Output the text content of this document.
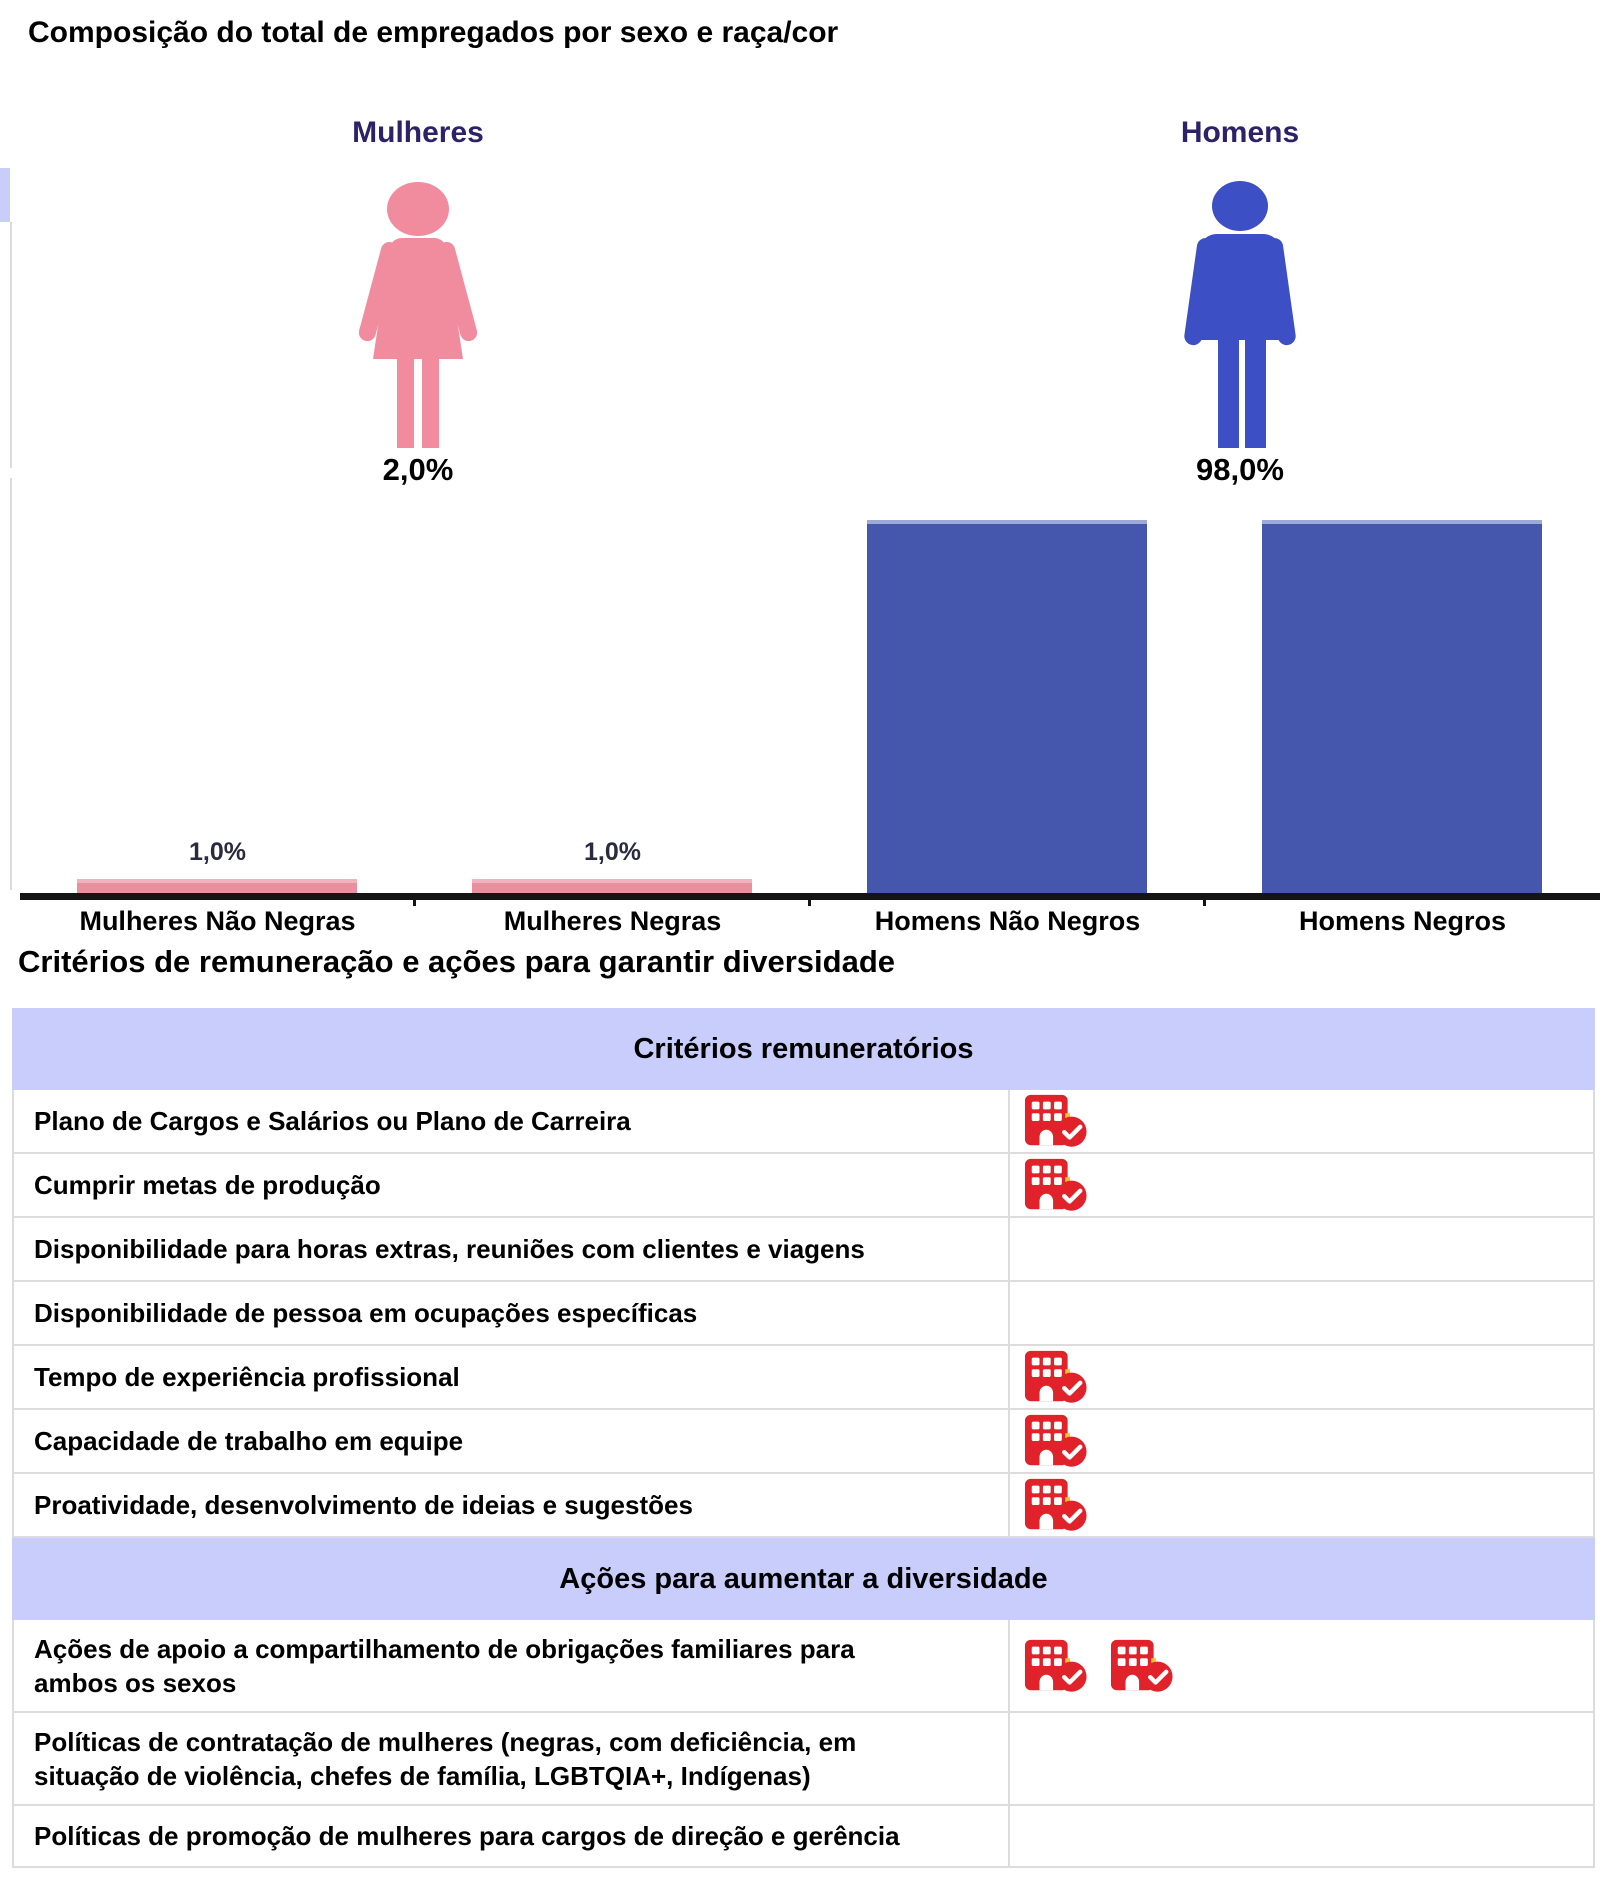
Composição do total de empregados por sexo e raça/cor
Mulheres	Homens
2,0%	98,0%
1,0%	1,0%
Mulheres Não Negras	Mulheres Negras	Homens Não Negros	Homens Negros
Critérios de remuneração e ações para garantir diversidade
Critérios remuneratórios
Plano de Cargos e Salários ou Plano de Carreira
Cumprir metas de produção
Disponibilidade para horas extras, reuniões com clientes e viagens
Disponibilidade de pessoa em ocupações específicas
Tempo de experiência profissional
Capacidade de trabalho em equipe
Proatividade, desenvolvimento de ideias e sugestões
Ações para aumentar a diversidade
Ações de apoio a compartilhamento de obrigações familiares para ambos os sexos
Políticas de contratação de mulheres (negras, com deficiência, em situação de violência, chefes de família, LGBTQIA+, Indígenas)
Políticas de promoção de mulheres para cargos de direção e gerência
